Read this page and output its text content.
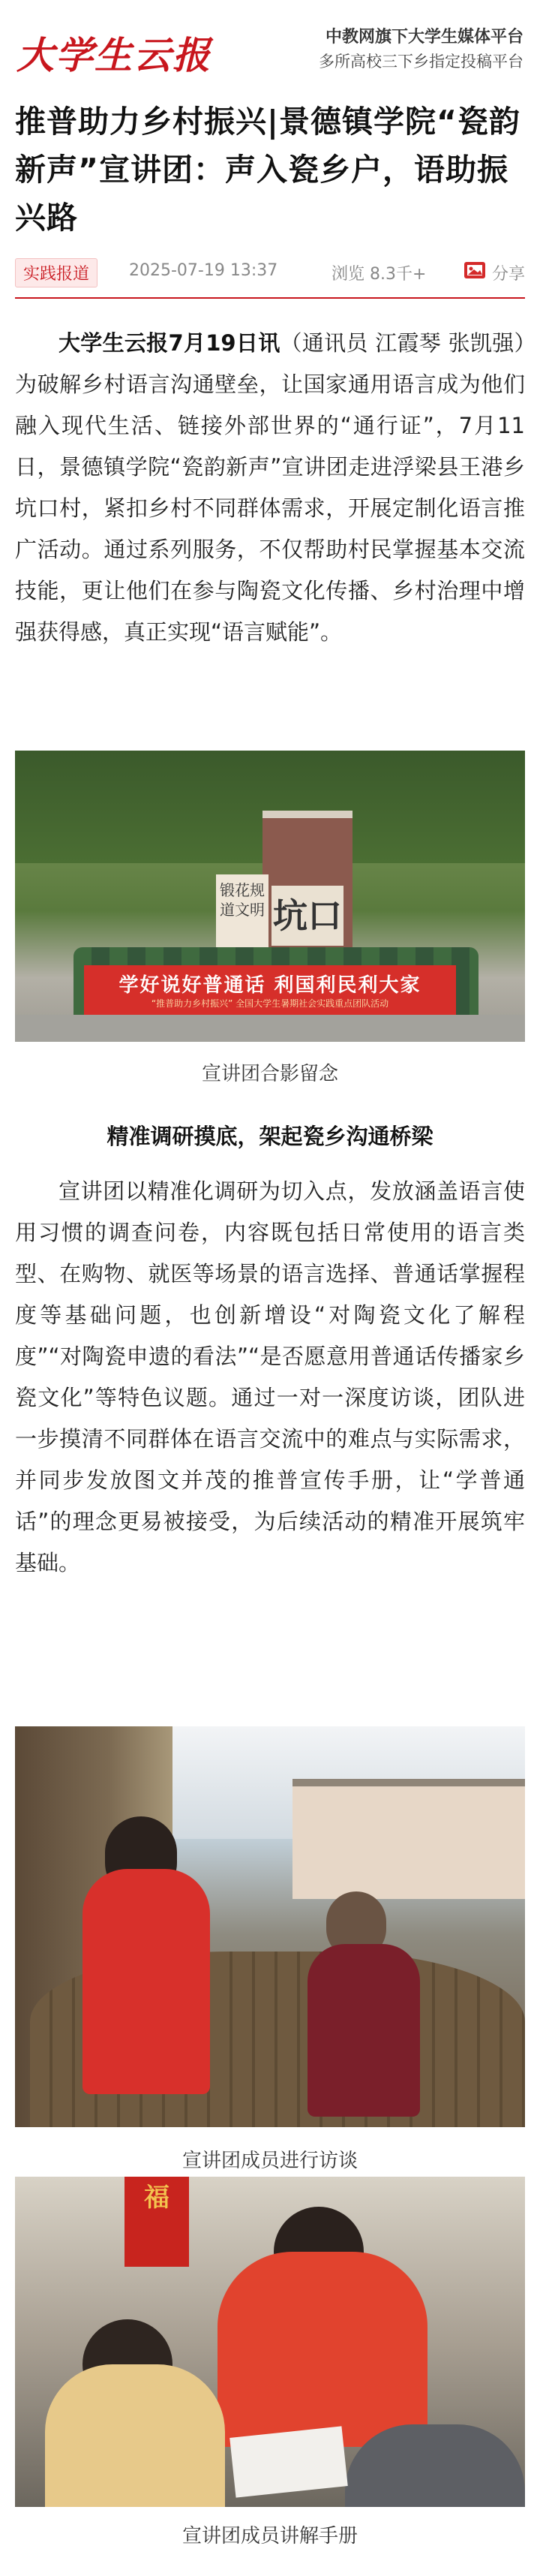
大学生云报	中教网旗下大学生媒体平台
多所高校三下乡指定投稿平台
推普助力乡村振兴|景德镇学院“瓷韵新声”宣讲团：声入瓷乡户，语助振兴路
实践报道	2025-07-19 13:37	浏览 8.3千+	分享

大学生云报7月19日讯（通讯员 江霞琴 张凯强）为破解乡村语言沟通壁垒，让国家通用语言成为他们融入现代生活、链接外部世界的“通行证”，7月11日，景德镇学院“瓷韵新声”宣讲团走进浮梁县王港乡坑口村，紧扣乡村不同群体需求，开展定制化语言推广活动。通过系列服务，不仅帮助村民掌握基本交流技能，更让他们在参与陶瓷文化传播、乡村治理中增强获得感，真正实现“语言赋能”。

锻花规道文明 坑口
学好说好普通话 利国利民利大家
“推普助力乡村振兴” 全国大学生暑期社会实践重点团队活动
宣讲团合影留念
精准调研摸底，架起瓷乡沟通桥梁

宣讲团以精准化调研为切入点，发放涵盖语言使用习惯的调查问卷，内容既包括日常使用的语言类型、在购物、就医等场景的语言选择、普通话掌握程度等基础问题，也创新增设“对陶瓷文化了解程度”“对陶瓷申遗的看法”“是否愿意用普通话传播家乡瓷文化”等特色议题。通过一对一深度访谈，团队进一步摸清不同群体在语言交流中的难点与实际需求，并同步发放图文并茂的推普宣传手册，让“学普通话”的理念更易被接受，为后续活动的精准开展筑牢基础。

宣讲团成员进行访谈
福
宣讲团成员讲解手册
